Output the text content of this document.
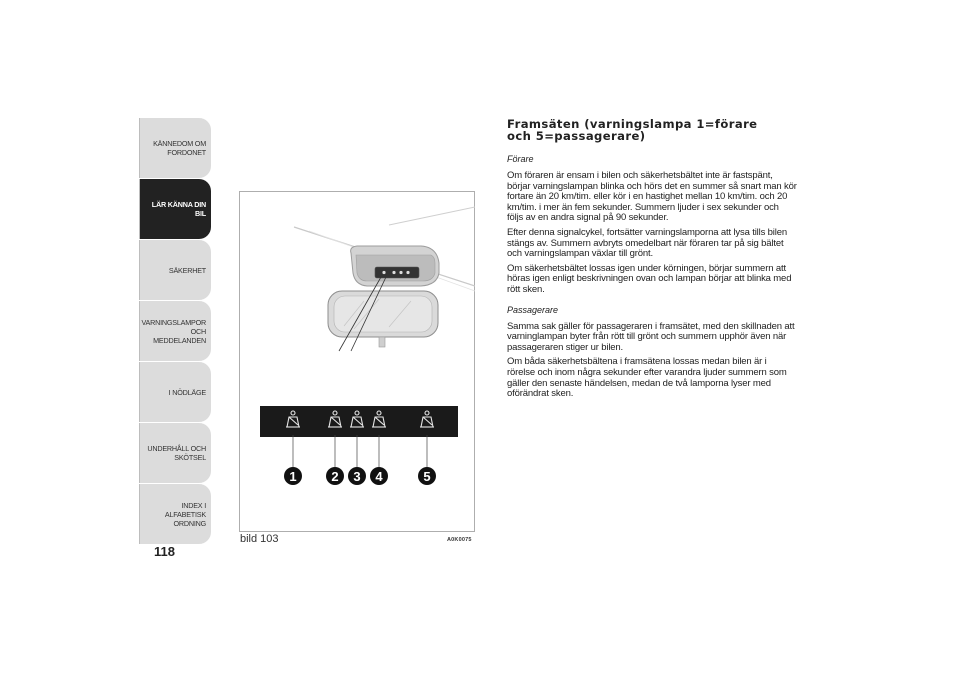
KÄNNEDOM OM
FORDONET
LÄR KÄNNA DIN
BIL
SÄKERHET
VARNINGSLAMPOR
OCH MEDDELANDEN
I NÖDLÄGE
UNDERHÅLL OCH
SKÖTSEL
INDEX I ALFABETISK
ORDNING
118
1	2 3 4	5
bild 103	A0K0075
Framsäten (varningslampa 1=förare
och 5=passagerare)

Förare

Om föraren är ensam i bilen och säkerhetsbältet inte är fastspänt, börjar varningslampan blinka och hörs det en summer så snart man kör fortare än 20 km/tim. eller kör i en hastighet mellan 10 km/tim. och 20 km/tim. i mer än fem sekunder. Summern ljuder i sex sekunder och följs av en andra signal på 90 sekunder.

Efter denna signalcykel, fortsätter varningslamporna att lysa tills bilen stängs av. Summern avbryts omedelbart när föraren tar på sig bältet och varningslampan växlar till grönt.

Om säkerhetsbältet lossas igen under körningen, börjar summern att höras igen enligt beskrivningen ovan och lampan börjar att blinka med rött sken.

Passagerare

Samma sak gäller för passageraren i framsätet, med den skillnaden att varninglampan byter från rött till grönt och summern upphör även när passageraren stiger ur bilen.

Om båda säkerhetsbältena i framsätena lossas medan bilen är i rörelse och inom några sekunder efter varandra ljuder summern som gäller den senaste händelsen, medan de två lamporna lyser med oförändrat sken.
